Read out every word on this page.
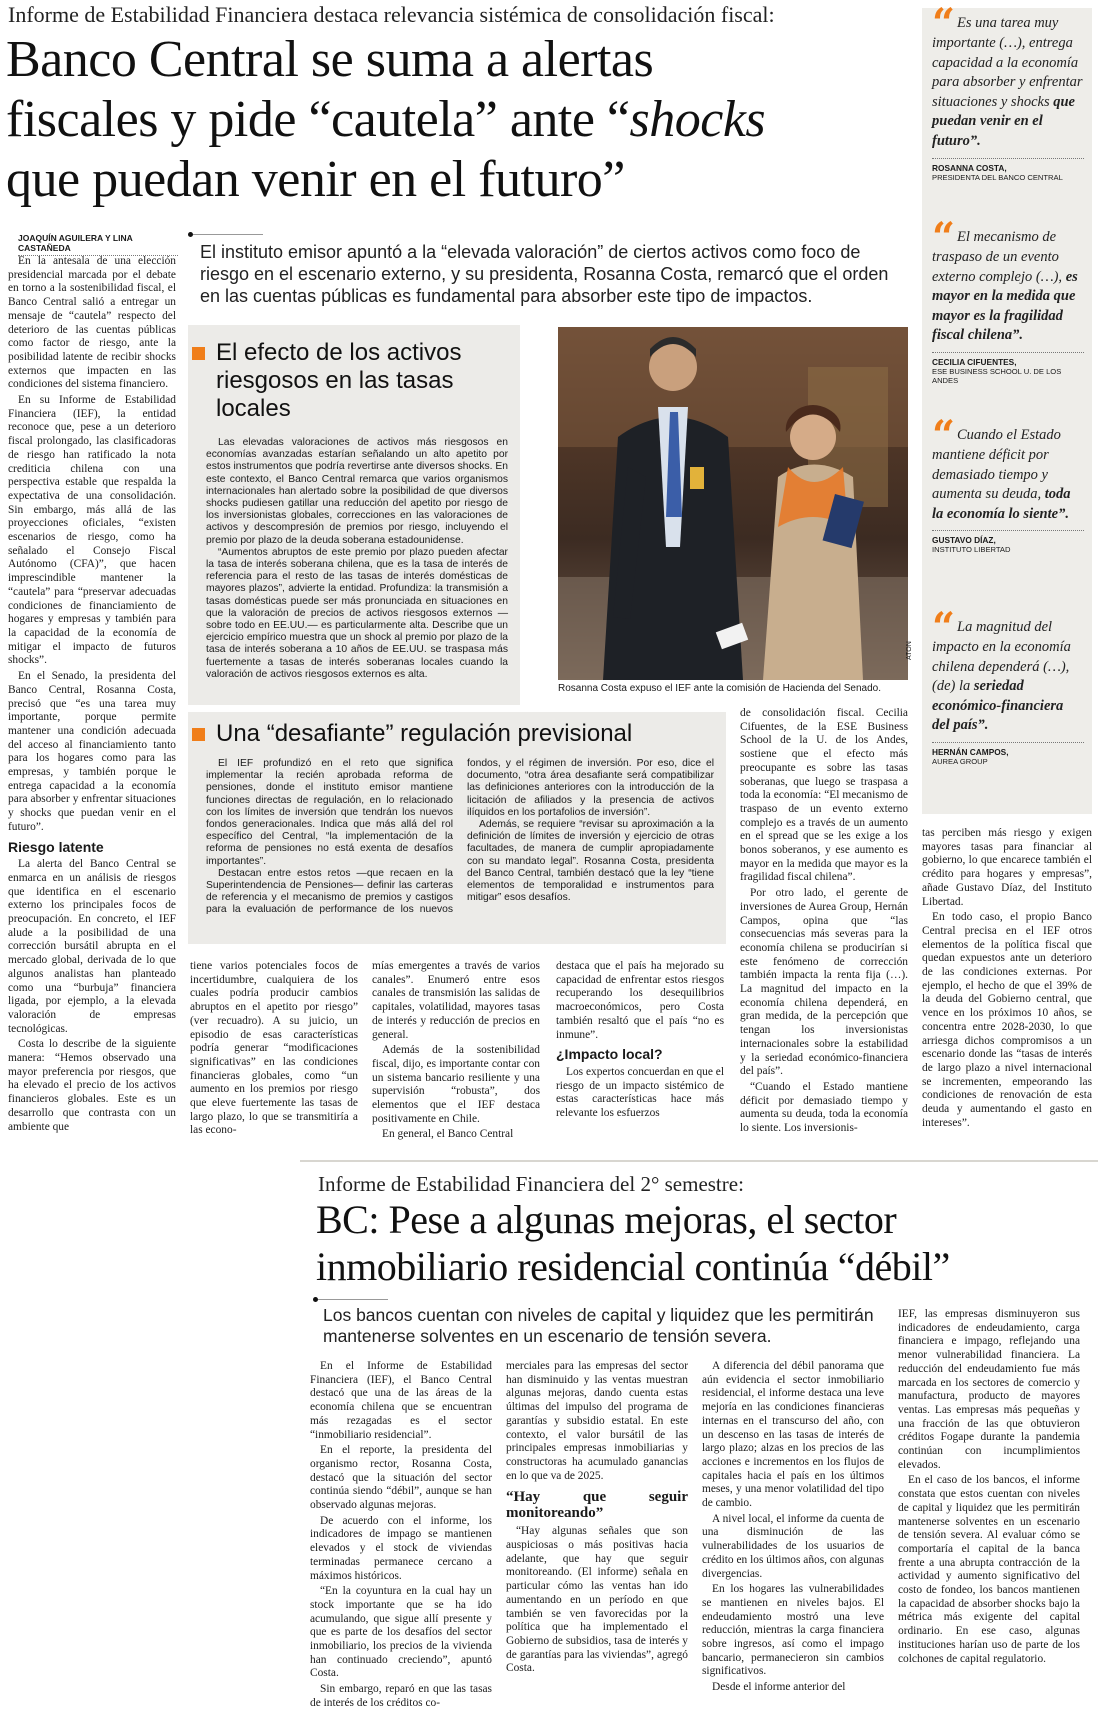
Informe de Estabilidad Financiera destaca relevancia sistémica de consolidación fiscal:
Banco Central se suma a alertas
fiscales y pide “cautela” ante “shocks
que puedan venir en el futuro”
JOAQUÍN AGUILERA Y LINA CASTAÑEDA	El instituto emisor apuntó a la “elevada valoración” de ciertos activos como foco de riesgo en el escenario externo, y su presidenta, Rosanna Costa, remarcó que el orden en las cuentas públicas es fundamental para absorber este tipo de impactos.

En la antesala de una elección presidencial marcada por el debate en torno a la sostenibilidad fiscal, el Banco Central salió a entregar un mensaje de “cautela” respecto del deterioro de las cuentas públicas como factor de riesgo, ante la posibilidad latente de recibir shocks externos que impacten en las condiciones del sistema financiero.

En su Informe de Estabilidad Financiera (IEF), la entidad reconoce que, pese a un deterioro fiscal prolongado, las clasificadoras de riesgo han ratificado la nota crediticia chilena con una perspectiva estable que respalda la expectativa de una consolidación. Sin embargo, más allá de las proyecciones oficiales, “existen escenarios de riesgo, como ha señalado el Consejo Fiscal Autónomo (CFA)”, que hacen imprescindible mantener la “cautela” para “preservar adecuadas condiciones de financiamiento de hogares y empresas y también para la capacidad de la economía de mitigar el impacto de futuros shocks”.

En el Senado, la presidenta del Banco Central, Rosanna Costa, precisó que “es una tarea muy importante, porque permite mantener una condición adecuada del acceso al financiamiento tanto para los hogares como para las empresas, y también porque le entrega capacidad a la economía para absorber y enfrentar situaciones y shocks que puedan venir en el futuro”.

Riesgo latente

La alerta del Banco Central se enmarca en un análisis de riesgos que identifica en el escenario externo los principales focos de preocupación. En concreto, el IEF alude a la posibilidad de una corrección bursátil abrupta en el mercado global, derivada de lo que algunos analistas han planteado como una “burbuja” financiera ligada, por ejemplo, a la elevada valoración de empresas tecnológicas.

Costa lo describe de la siguiente manera: “Hemos observado una mayor preferencia por riesgos, que ha elevado el precio de los activos financieros globales. Este es un desarrollo que contrasta con un ambiente que

El efecto de los activos
riesgosos en las tasas locales

Las elevadas valoraciones de activos más riesgosos en economías avanzadas estarían señalando un alto apetito por estos instrumentos que podría revertirse ante diversos shocks. En este contexto, el Banco Central remarca que varios organismos internacionales han alertado sobre la posibilidad de que diversos shocks pudiesen gatillar una reducción del apetito por riesgo de los inversionistas globales, correcciones en las valoraciones de activos y descompresión de premios por riesgo, incluyendo el premio por plazo de la deuda soberana estadounidense.

“Aumentos abruptos de este premio por plazo pueden afectar la tasa de interés soberana chilena, que es la tasa de interés de referencia para el resto de las tasas de interés domésticas de mayores plazos”, advierte la entidad. Profundiza: la transmisión a tasas domésticas puede ser más pronunciada en situaciones en que la valoración de precios de activos riesgosos externos —sobre todo en EE.UU.— es particularmente alta. Describe que un ejercicio empírico muestra que un shock al premio por plazo de la tasa de interés soberana a 10 años de EE.UU. se traspasa más fuertemente a tasas de interés soberanas locales cuando la valoración de activos riesgosos externos es alta.

Rosanna Costa expuso el IEF ante la comisión de Hacienda del Senado.
ATON
Una “desafiante” regulación previsional

El IEF profundizó en el reto que significa implementar la recién aprobada reforma de pensiones, donde el instituto emisor mantiene funciones directas de regulación, en lo relacionado con los límites de inversión que tendrán los nuevos fondos generacionales. Indica que más allá del rol específico del Central, “la implementación de la reforma de pensiones no está exenta de desafíos importantes”.

Destacan entre estos retos —que recaen en la Superintendencia de Pensiones— definir las carteras de referencia y el mecanismo de premios y castigos para la evaluación de performance de los nuevos fondos, y el régimen de inversión. Por eso, dice el documento, “otra área desafiante será compatibilizar las definiciones anteriores con la introducción de la licitación de afiliados y la presencia de activos ilíquidos en los portafolios de inversión”.

Además, se requiere “revisar su aproximación a la definición de límites de inversión y ejercicio de otras facultades, de manera de cumplir apropiadamente con su mandato legal”. Rosanna Costa, presidenta del Banco Central, también destacó que la ley “tiene elementos de temporalidad e instrumentos para mitigar” esos desafíos.

tiene varios potenciales focos de incertidumbre, cualquiera de los cuales podría producir cambios abruptos en el apetito por riesgo” (ver recuadro). A su juicio, un episodio de esas características podría generar “modificaciones significativas” en las condiciones financieras globales, como “un aumento en los premios por riesgo que eleve fuertemente las tasas de largo plazo, lo que se transmitiría a las econo-

mías emergentes a través de varios canales”. Enumeró entre esos canales de transmisión las salidas de capitales, volatilidad, mayores tasas de interés y reducción de precios en general.

Además de la sostenibilidad fiscal, dijo, es importante contar con un sistema bancario resiliente y una supervisión “robusta”, dos elementos que el IEF destaca positivamente en Chile.

En general, el Banco Central

destaca que el país ha mejorado su capacidad de enfrentar estos riesgos recuperando los desequilibrios macroeconómicos, pero Costa también resaltó que el país “no es inmune”.

¿Impacto local?

Los expertos concuerdan en que el riesgo de un impacto sistémico de estas características hace más relevante los esfuerzos

de consolidación fiscal. Cecilia Cifuentes, de la ESE Business School de la U. de los Andes, sostiene que el efecto más preocupante es sobre las tasas soberanas, que luego se traspasa a toda la economía: “El mecanismo de traspaso de un evento externo complejo es a través de un aumento en el spread que se les exige a los bonos soberanos, y ese aumento es mayor en la medida que mayor es la fragilidad fiscal chilena”.

Por otro lado, el gerente de inversiones de Aurea Group, Hernán Campos, opina que “las consecuencias más severas para la economía chilena se producirían si este fenómeno de corrección también impacta la renta fija (…). La magnitud del impacto en la economía chilena dependerá, en gran medida, de la percepción que tengan los inversionistas internacionales sobre la estabilidad y la seriedad económico-financiera del país”.

“Cuando el Estado mantiene déficit por demasiado tiempo y aumenta su deuda, toda la economía lo siente. Los inversionis-

tas perciben más riesgo y exigen mayores tasas para financiar al gobierno, lo que encarece también el crédito para hogares y empresas”, añade Gustavo Díaz, del Instituto Libertad.

En todo caso, el propio Banco Central precisa en el IEF otros elementos de la política fiscal que quedan expuestos ante un deterioro de las condiciones externas. Por ejemplo, el hecho de que el 39% de la deuda del Gobierno central, que vence en los próximos 10 años, se concentra entre 2028-2030, lo que arriesga dichos compromisos a un escenario donde las “tasas de interés de largo plazo a nivel internacional se incrementen, empeorando las condiciones de renovación de esta deuda y aumentando el gasto en intereses”.

“ Es una tarea muy importante (…), entrega capacidad a la economía para absorber y enfrentar situaciones y shocks que puedan venir en el futuro”.
ROSANNA COSTA,
PRESIDENTA DEL BANCO CENTRAL
“ El mecanismo de traspaso de un evento externo complejo (…), es mayor en la medida que mayor es la fragilidad fiscal chilena”.
CECILIA CIFUENTES,
ESE BUSINESS SCHOOL U. DE LOS ANDES
“ Cuando el Estado mantiene déficit por demasiado tiempo y aumenta su deuda, toda la economía lo siente”.
GUSTAVO DÍAZ,
INSTITUTO LIBERTAD
“ La magnitud del impacto en la economía chilena dependerá (…), (de) la seriedad económico-financiera del país”.
HERNÁN CAMPOS,
AUREA GROUP
Informe de Estabilidad Financiera del 2° semestre:
BC: Pese a algunas mejoras, el sector
inmobiliario residencial continúa “débil”
Los bancos cuentan con niveles de capital y liquidez que les permitirán mantenerse solventes en un escenario de tensión severa.

En el Informe de Estabilidad Financiera (IEF), el Banco Central destacó que una de las áreas de la economía chilena que se encuentran más rezagadas es el sector “inmobiliario residencial”.

En el reporte, la presidenta del organismo rector, Rosanna Costa, destacó que la situación del sector continúa siendo “débil”, aunque se han observado algunas mejoras.

De acuerdo con el informe, los indicadores de impago se mantienen elevados y el stock de viviendas terminadas permanece cercano a máximos históricos.

“En la coyuntura en la cual hay un stock importante que se ha ido acumulando, que sigue allí presente y que es parte de los desafíos del sector inmobiliario, los precios de la vivienda han continuado creciendo”, apuntó Costa.

Sin embargo, reparó en que las tasas de interés de los créditos co-

merciales para las empresas del sector han disminuido y las ventas muestran algunas mejoras, dando cuenta estas últimas del impulso del programa de garantías y subsidio estatal. En este contexto, el valor bursátil de las principales empresas inmobiliarias y constructoras ha acumulado ganancias en lo que va de 2025.

“Hay que seguir monitoreando”

“Hay algunas señales que son auspiciosas o más positivas hacia adelante, que hay que seguir monitoreando. (El informe) señala en particular cómo las ventas han ido aumentando en un período en que también se ven favorecidas por la política que ha implementado el Gobierno de subsidios, tasa de interés y de garantías para las viviendas”, agregó Costa.

A diferencia del débil panorama que aún evidencia el sector inmobiliario residencial, el informe destaca una leve mejoría en las condiciones financieras internas en el transcurso del año, con un descenso en las tasas de interés de largo plazo; alzas en los precios de las acciones e incrementos en los flujos de capitales hacia el país en los últimos meses, y una menor volatilidad del tipo de cambio.

A nivel local, el informe da cuenta de una disminución de las vulnerabilidades de los usuarios de crédito en los últimos años, con algunas divergencias.

En los hogares las vulnerabilidades se mantienen en niveles bajos. El endeudamiento mostró una leve reducción, mientras la carga financiera sobre ingresos, así como el impago bancario, permanecieron sin cambios significativos.

Desde el informe anterior del

IEF, las empresas disminuyeron sus indicadores de endeudamiento, carga financiera e impago, reflejando una menor vulnerabilidad financiera. La reducción del endeudamiento fue más marcada en los sectores de comercio y manufactura, producto de mayores ventas. Las empresas más pequeñas y una fracción de las que obtuvieron créditos Fogape durante la pandemia continúan con incumplimientos elevados.

En el caso de los bancos, el informe constata que estos cuentan con niveles de capital y liquidez que les permitirán mantenerse solventes en un escenario de tensión severa. Al evaluar cómo se comportaría el capital de la banca frente a una abrupta contracción de la actividad y aumento significativo del costo de fondeo, los bancos mantienen la capacidad de absorber shocks bajo la métrica más exigente del capital ordinario. En ese caso, algunas instituciones harían uso de parte de los colchones de capital regulatorio.
